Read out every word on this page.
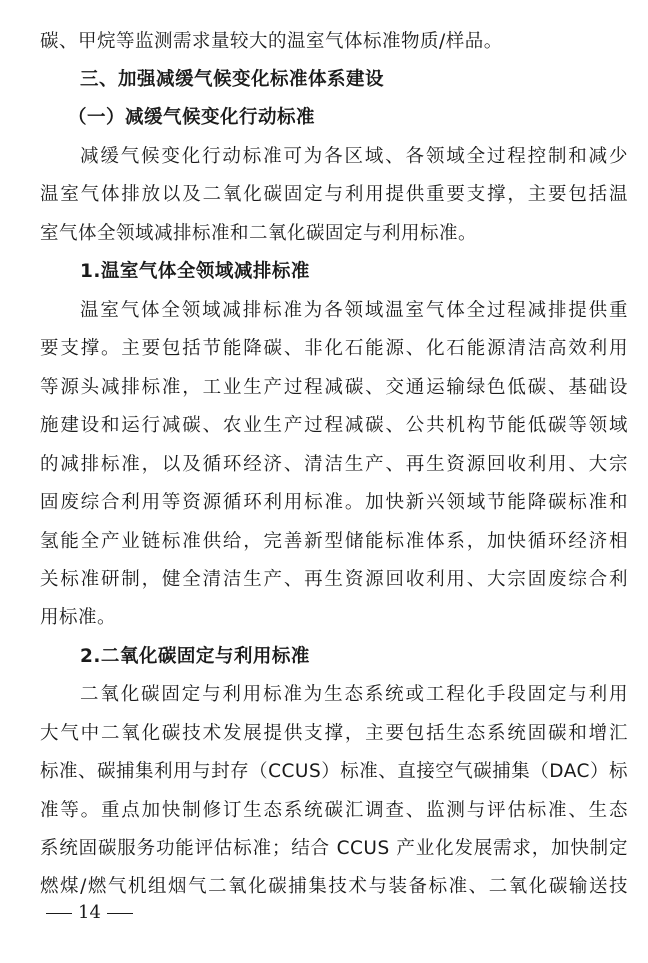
碳、甲烷等监测需求量较大的温室气体标准物质/样品。
三、加强减缓气候变化标准体系建设
（一）减缓气候变化行动标准
减缓气候变化行动标准可为各区域、各领域全过程控制和减少
温室气体排放以及二氧化碳固定与利用提供重要支撑，主要包括温
室气体全领域减排标准和二氧化碳固定与利用标准。
1.温室气体全领域减排标准
温室气体全领域减排标准为各领域温室气体全过程减排提供重
要支撑。主要包括节能降碳、非化石能源、化石能源清洁高效利用
等源头减排标准，工业生产过程减碳、交通运输绿色低碳、基础设
施建设和运行减碳、农业生产过程减碳、公共机构节能低碳等领域
的减排标准，以及循环经济、清洁生产、再生资源回收利用、大宗
固废综合利用等资源循环利用标准。加快新兴领域节能降碳标准和
氢能全产业链标准供给，完善新型储能标准体系，加快循环经济相
关标准研制，健全清洁生产、再生资源回收利用、大宗固废综合利
用标准。
2.二氧化碳固定与利用标准
二氧化碳固定与利用标准为生态系统或工程化手段固定与利用
大气中二氧化碳技术发展提供支撑，主要包括生态系统固碳和增汇
标准、碳捕集利用与封存（CCUS）标准、直接空气碳捕集（DAC）标
准等。重点加快制修订生态系统碳汇调查、监测与评估标准、生态
系统固碳服务功能评估标准；结合 CCUS 产业化发展需求，加快制定
燃煤/燃气机组烟气二氧化碳捕集技术与装备标准、二氧化碳输送技
14
